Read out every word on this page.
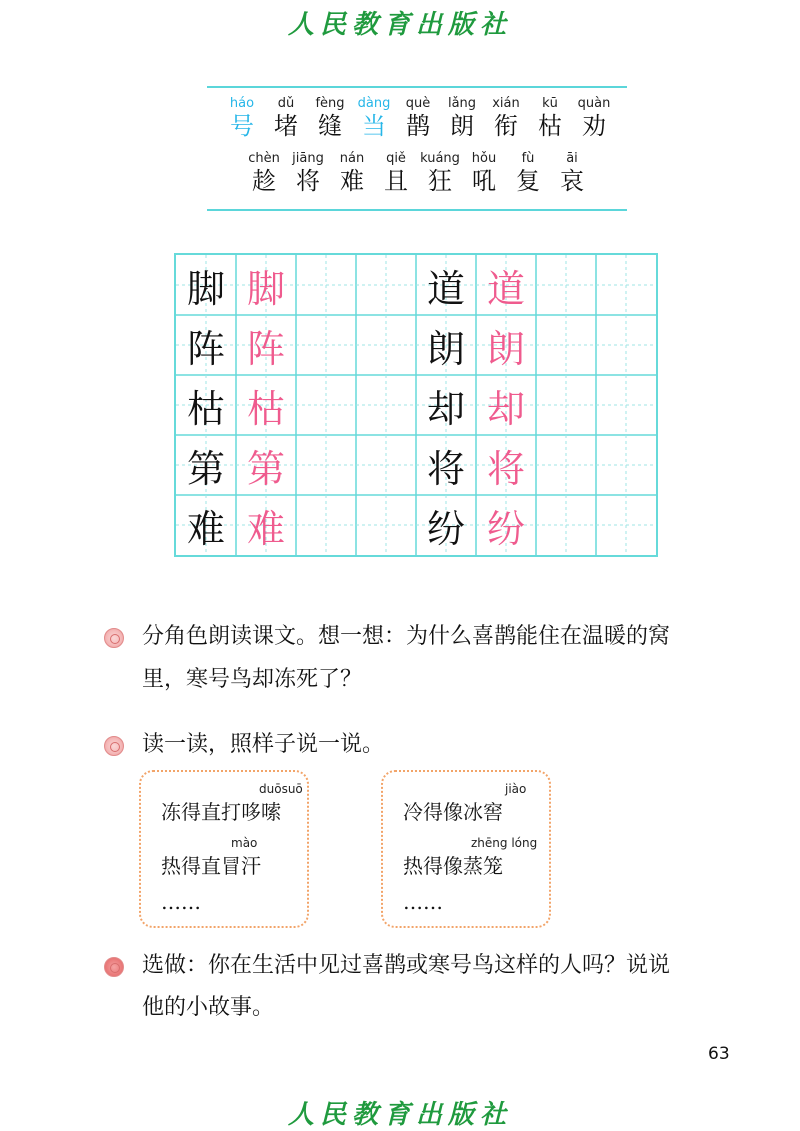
人民教育出版社
háo
号
dǔ
堵
fèng
缝
dàng
当
què
鹊
lǎng
朗
xián
衔
kū
枯
quàn
劝
chèn
趁
jiāng
将
nán
难
qiě
且
kuáng
狂
hǒu
吼
fù
复
āi
哀
脚 脚
阵 阵
枯 枯
第 第
难 难
道 道
朗 朗
却 却
将 将
纷 纷
分角色朗读课文。想一想：为什么喜鹊能住在温暖的窝
里，寒号鸟却冻死了？
读一读，照样子说一说。
duōsuō
冻得直打哆嗦
mào
热得直冒汗
……
jiào
冷得像冰窖
zhēng lóng
热得像蒸笼
……
选做：你在生活中见过喜鹊或寒号鸟这样的人吗？说说
他的小故事。
63
人民教育出版社
